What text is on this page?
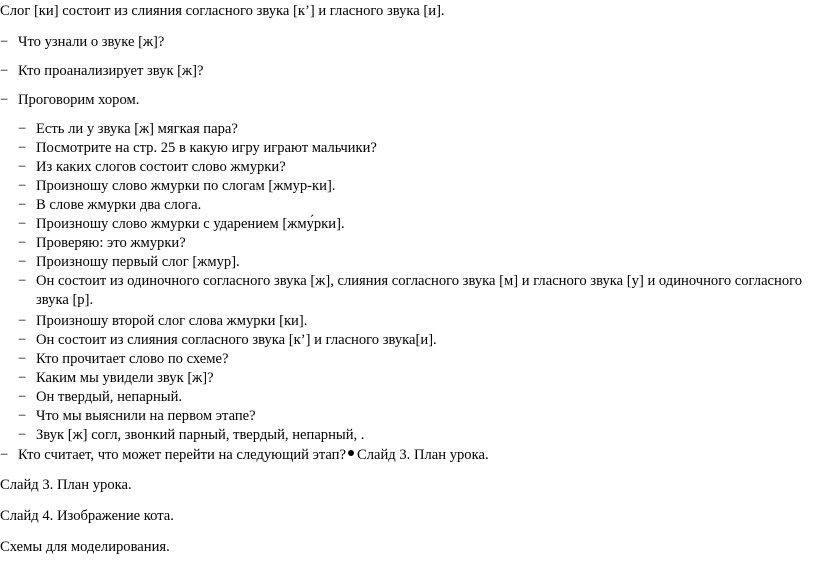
Слог [ки] состоит из слияния согласного звука [к’] и гласного звука [и].
− Что узнали о звуке [ж]?
− Кто проанализирует звук [ж]?
− Проговорим хором.
− Есть ли у звука [ж] мягкая пара?
− Посмотрите на стр. 25 в какую игру играют мальчики?
− Из каких слогов состоит слово жмурки?
− Произношу слово жмурки по слогам [жмур-ки].
− В слове жмурки два слога.
− Произношу слово жмурки с ударением [жму́рки].
− Проверяю: это жмурки?
− Произношу первый слог [жмур].
− Он состоит из одиночного согласного звука [ж], слияния согласного звука [м] и гласного звука [у] и одиночного согласного звука [р].
− Произношу второй слог слова жмурки [ки].
− Он состоит из слияния согласного звука [к’] и гласного звука[и].
− Кто прочитает слово по схеме?
− Каким мы увидели звук [ж]?
− Он твердый, непарный.
− Что мы выяснили на первом этапе?
− Звук [ж] согл, звонкий парный, твердый, непарный, .
− Кто считает, что может перейти на следующий этап? Слайд 3. План урока.
Слайд 3. План урока.
Слайд 4. Изображение кота.
Схемы для моделирования.
